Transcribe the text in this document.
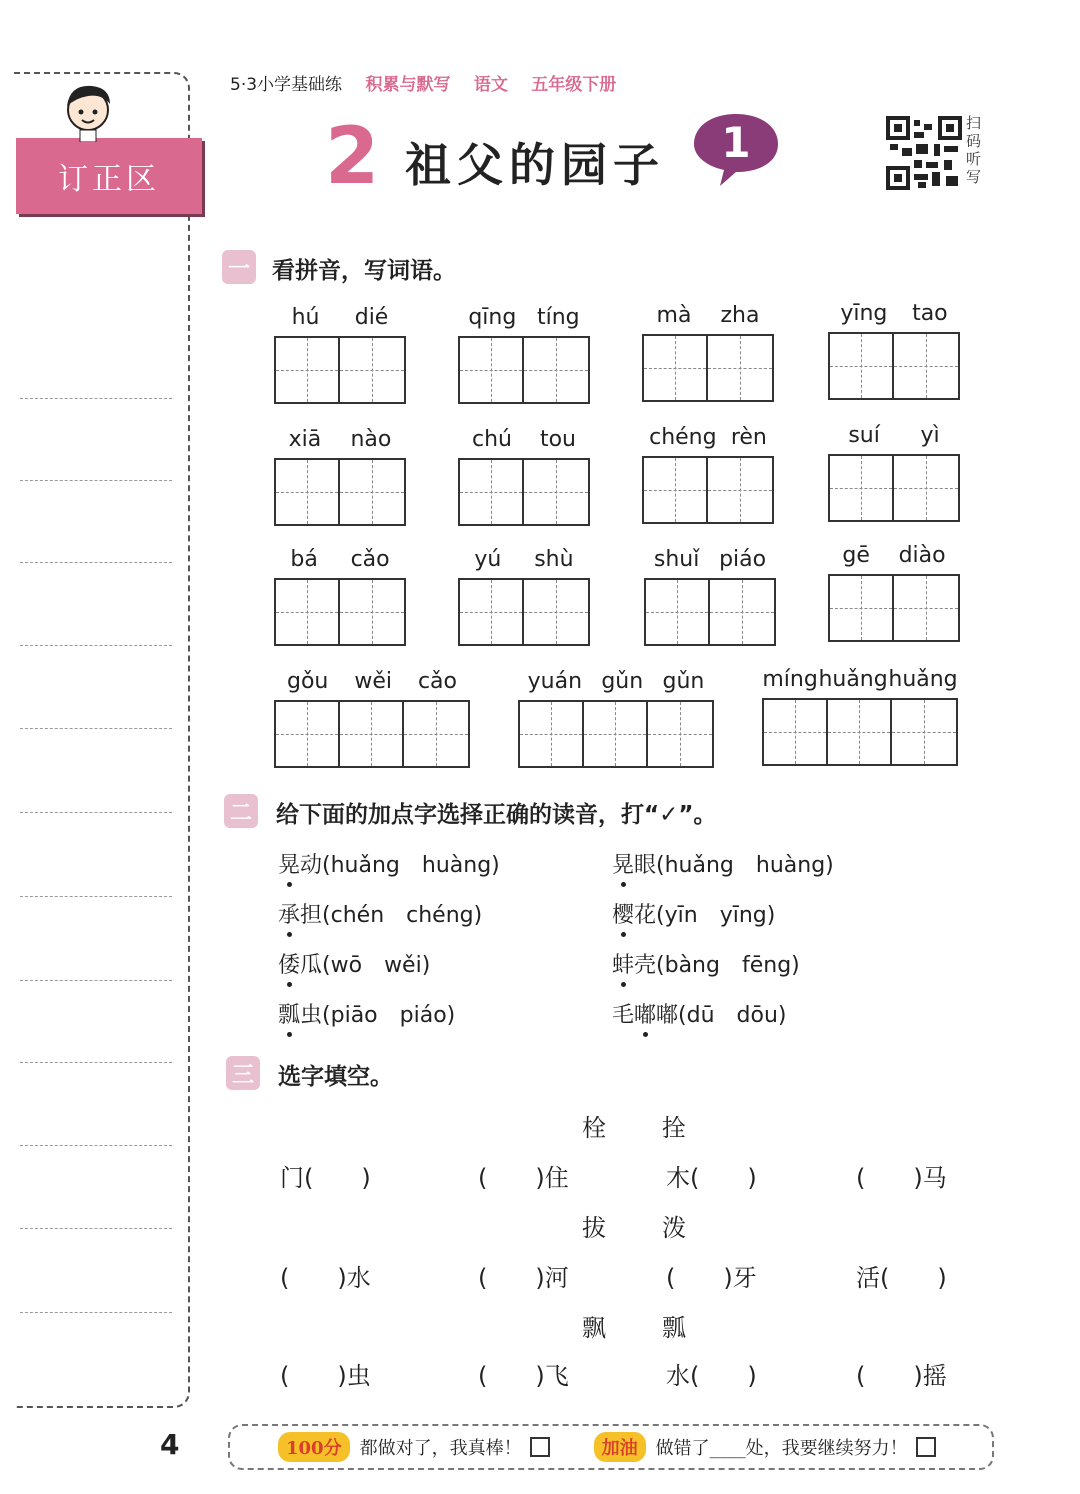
订正区
5·3小学基础练 积累与默写 语文 五年级下册
2 祖父的园子	1	扫码听写
一 看拼音，写词语。
hú dié	qīng tíng	mà zha	yīng tao
xiā nào	chú tou	chéng rèn	suí yì
bá cǎo	yú shù	shuǐ piáo	gē diào
gǒu wěi cǎo	yuán gǔn gǔn	míng huǎng huǎng
二 给下面的加点字选择正确的读音，打“✓”。
晃动(huǎng　huàng)	晃眼(huǎng　huàng)
承担(chén　chéng)	樱花(yīn　yīng)
倭瓜(wō　wěi)	蚌壳(bàng　fēng)
瓢虫(piāo　piáo)	毛嘟嘟(dū　dōu)
三 选字填空。
栓 拴
门(　　)	(　　)住	木(　　)	(　　)马
拔 泼
(　　)水	(　　)河	(　　)牙	活(　　)
飘 瓢
(　　)虫	(　　)飞	水(　　)	(　　)摇
4	100分	都做对了，我真棒！	加油	做错了____处，我要继续努力！
